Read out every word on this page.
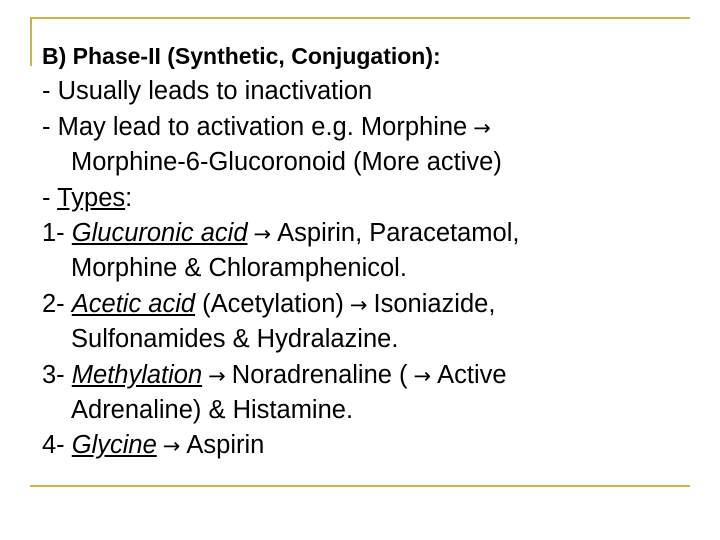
B) Phase-II (Synthetic, Conjugation):
- Usually leads to inactivation
- May lead to activation e.g. Morphine →
Morphine-6-Glucoronoid (More active)
- Types:
1- Glucuronic acid → Aspirin, Paracetamol,
Morphine & Chloramphenicol.
2- Acetic acid (Acetylation) → Isoniazide,
Sulfonamides & Hydralazine.
3- Methylation → Noradrenaline ( → Active
Adrenaline) & Histamine.
4- Glycine → Aspirin
